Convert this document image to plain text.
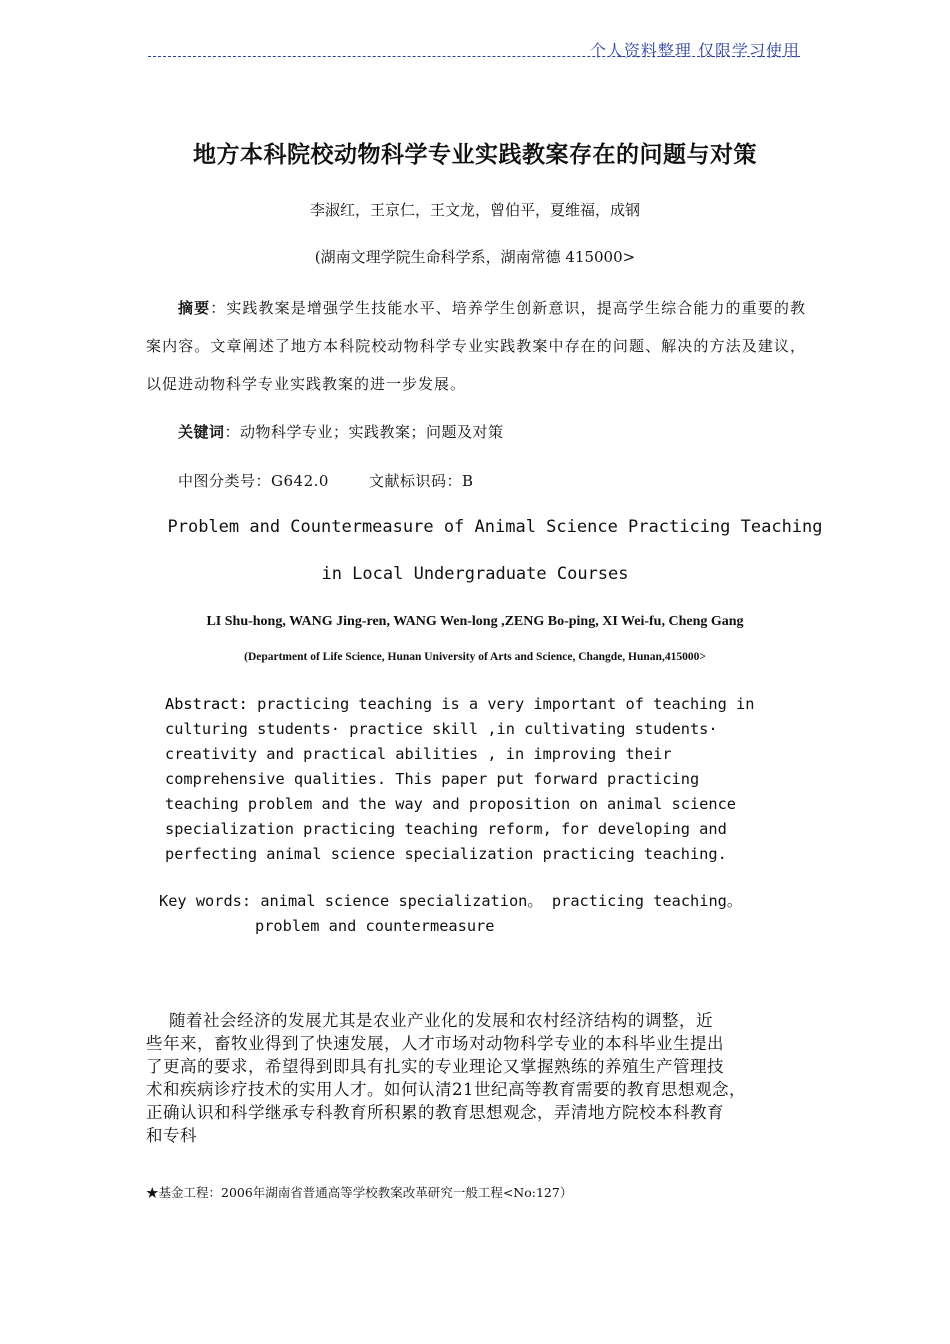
个人资料整理 仅限学习使用
地方本科院校动物科学专业实践教案存在的问题与对策
李淑红，王京仁，王文龙，曾伯平，夏维福，成钢
(湖南文理学院生命科学系，湖南常德 415000>
摘要：实践教案是增强学生技能水平、培养学生创新意识，提高学生综合能力的重要的教案内容。文章阐述了地方本科院校动物科学专业实践教案中存在的问题、解决的方法及建议，以促进动物科学专业实践教案的进一步发展。
关键词：动物科学专业；实践教案；问题及对策
中图分类号：G642.0	文献标识码：B
Problem and Countermeasure of Animal Science Practicing Teaching
in Local Undergraduate Courses
LI Shu-hong, WANG Jing-ren, WANG Wen-long ,ZENG Bo-ping, XI Wei-fu, Cheng Gang
(Department of Life Science, Hunan University of Arts and Science, Changde, Hunan,415000>

Abstract: practicing teaching is a very important of teaching in

culturing students· practice skill ,in cultivating students·

creativity and practical abilities , in improving their

comprehensive qualities. This paper put forward practicing

teaching problem and the way and proposition on animal science

specialization practicing teaching reform, for developing and

perfecting animal science specialization practicing teaching.

Key words: animal science specialization。 practicing teaching。

problem and countermeasure

随着社会经济的发展尤其是农业产业化的发展和农村经济结构的调整，近

些年来，畜牧业得到了快速发展，人才市场对动物科学专业的本科毕业生提出

了更高的要求，希望得到即具有扎实的专业理论又掌握熟练的养殖生产管理技

术和疾病诊疗技术的实用人才。如何认清21世纪高等教育需要的教育思想观念，

正确认识和科学继承专科教育所积累的教育思想观念，弄清地方院校本科教育

和专科

★基金工程：2006年湖南省普通高等学校教案改革研究一般工程<No:127）
